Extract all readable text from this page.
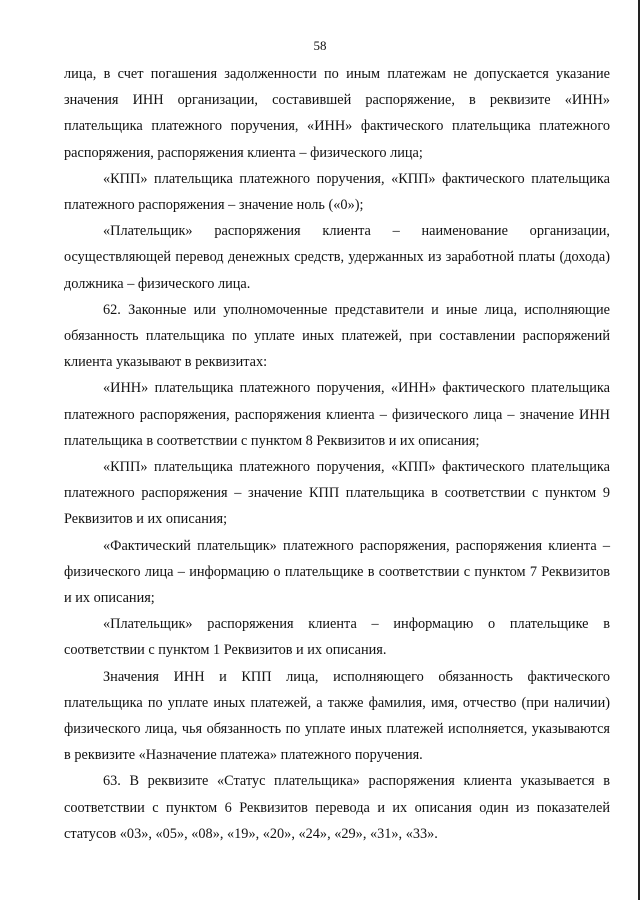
58

лица, в счет погашения задолженности по иным платежам не допускается указание значения ИНН организации, составившей распоряжение, в реквизите «ИНН» плательщика платежного поручения, «ИНН» фактического плательщика платежного распоряжения, распоряжения клиента – физического лица;

«КПП» плательщика платежного поручения, «КПП» фактического плательщика платежного распоряжения – значение ноль («0»);

«Плательщик» распоряжения клиента – наименование организации, осуществляющей перевод денежных средств, удержанных из заработной платы (дохода) должника – физического лица.

62. Законные или уполномоченные представители и иные лица, исполняющие обязанность плательщика по уплате иных платежей, при составлении распоряжений клиента указывают в реквизитах:

«ИНН» плательщика платежного поручения, «ИНН» фактического плательщика платежного распоряжения, распоряжения клиента – физического лица – значение ИНН плательщика в соответствии с пунктом 8 Реквизитов и их описания;

«КПП» плательщика платежного поручения, «КПП» фактического плательщика платежного распоряжения – значение КПП плательщика в соответствии с пунктом 9 Реквизитов и их описания;

«Фактический плательщик» платежного распоряжения, распоряжения клиента – физического лица – информацию о плательщике в соответствии с пунктом 7 Реквизитов и их описания;

«Плательщик» распоряжения клиента – информацию о плательщике в соответствии с пунктом 1 Реквизитов и их описания.

Значения ИНН и КПП лица, исполняющего обязанность фактического плательщика по уплате иных платежей, а также фамилия, имя, отчество (при наличии) физического лица, чья обязанность по уплате иных платежей исполняется, указываются в реквизите «Назначение платежа» платежного поручения.

63. В реквизите «Статус плательщика» распоряжения клиента указывается в соответствии с пунктом 6 Реквизитов перевода и их описания один из показателей статусов «03», «05», «08», «19», «20», «24», «29», «31», «33».
